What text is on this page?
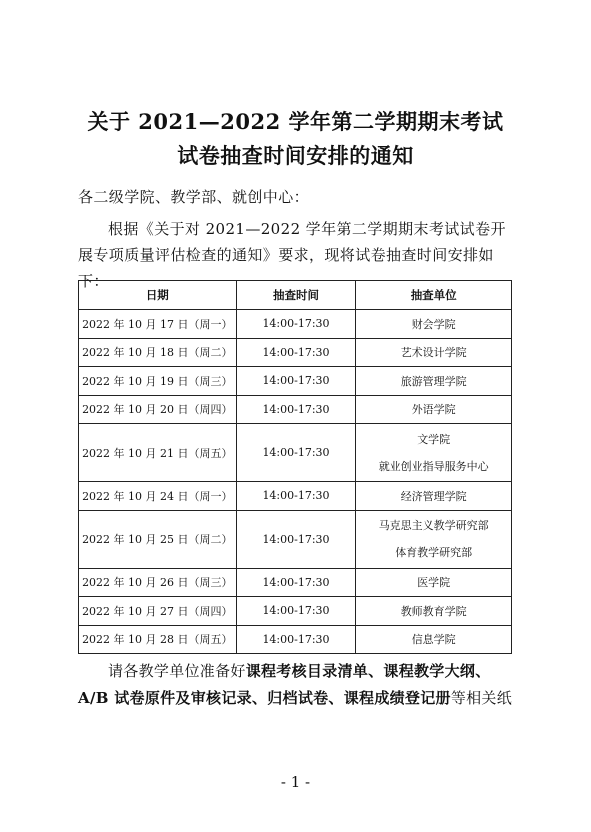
关于 2021—2022 学年第二学期期末考试
试卷抽查时间安排的通知
各二级学院、教学部、就创中心：
根据《关于对 2021—2022 学年第二学期期末考试试卷开展专项质量评估检查的通知》要求，现将试卷抽查时间安排如下：
日期	抽查时间	抽查单位
2022 年 10 月 17 日（周一）	14:00-17:30	财会学院

2022 年 10 月 18 日（周二）	14:00-17:30	艺术设计学院

2022 年 10 月 19 日（周三）	14:00-17:30	旅游管理学院

2022 年 10 月 20 日（周四）	14:00-17:30	外语学院

2022 年 10 月 21 日（周五）	14:00-17:30	文学院
就业创业指导服务中心

2022 年 10 月 24 日（周一）	14:00-17:30	经济管理学院

2022 年 10 月 25 日（周二）	14:00-17:30	马克思主义教学研究部
体育教学研究部

2022 年 10 月 26 日（周三）	14:00-17:30	医学院

2022 年 10 月 27 日（周四）	14:00-17:30	教师教育学院

2022 年 10 月 28 日（周五）	14:00-17:30	信息学院
请各教学单位准备好课程考核目录清单、课程教学大纲、A/B 试卷原件及审核记录、归档试卷、课程成绩登记册等相关纸
- 1 -
